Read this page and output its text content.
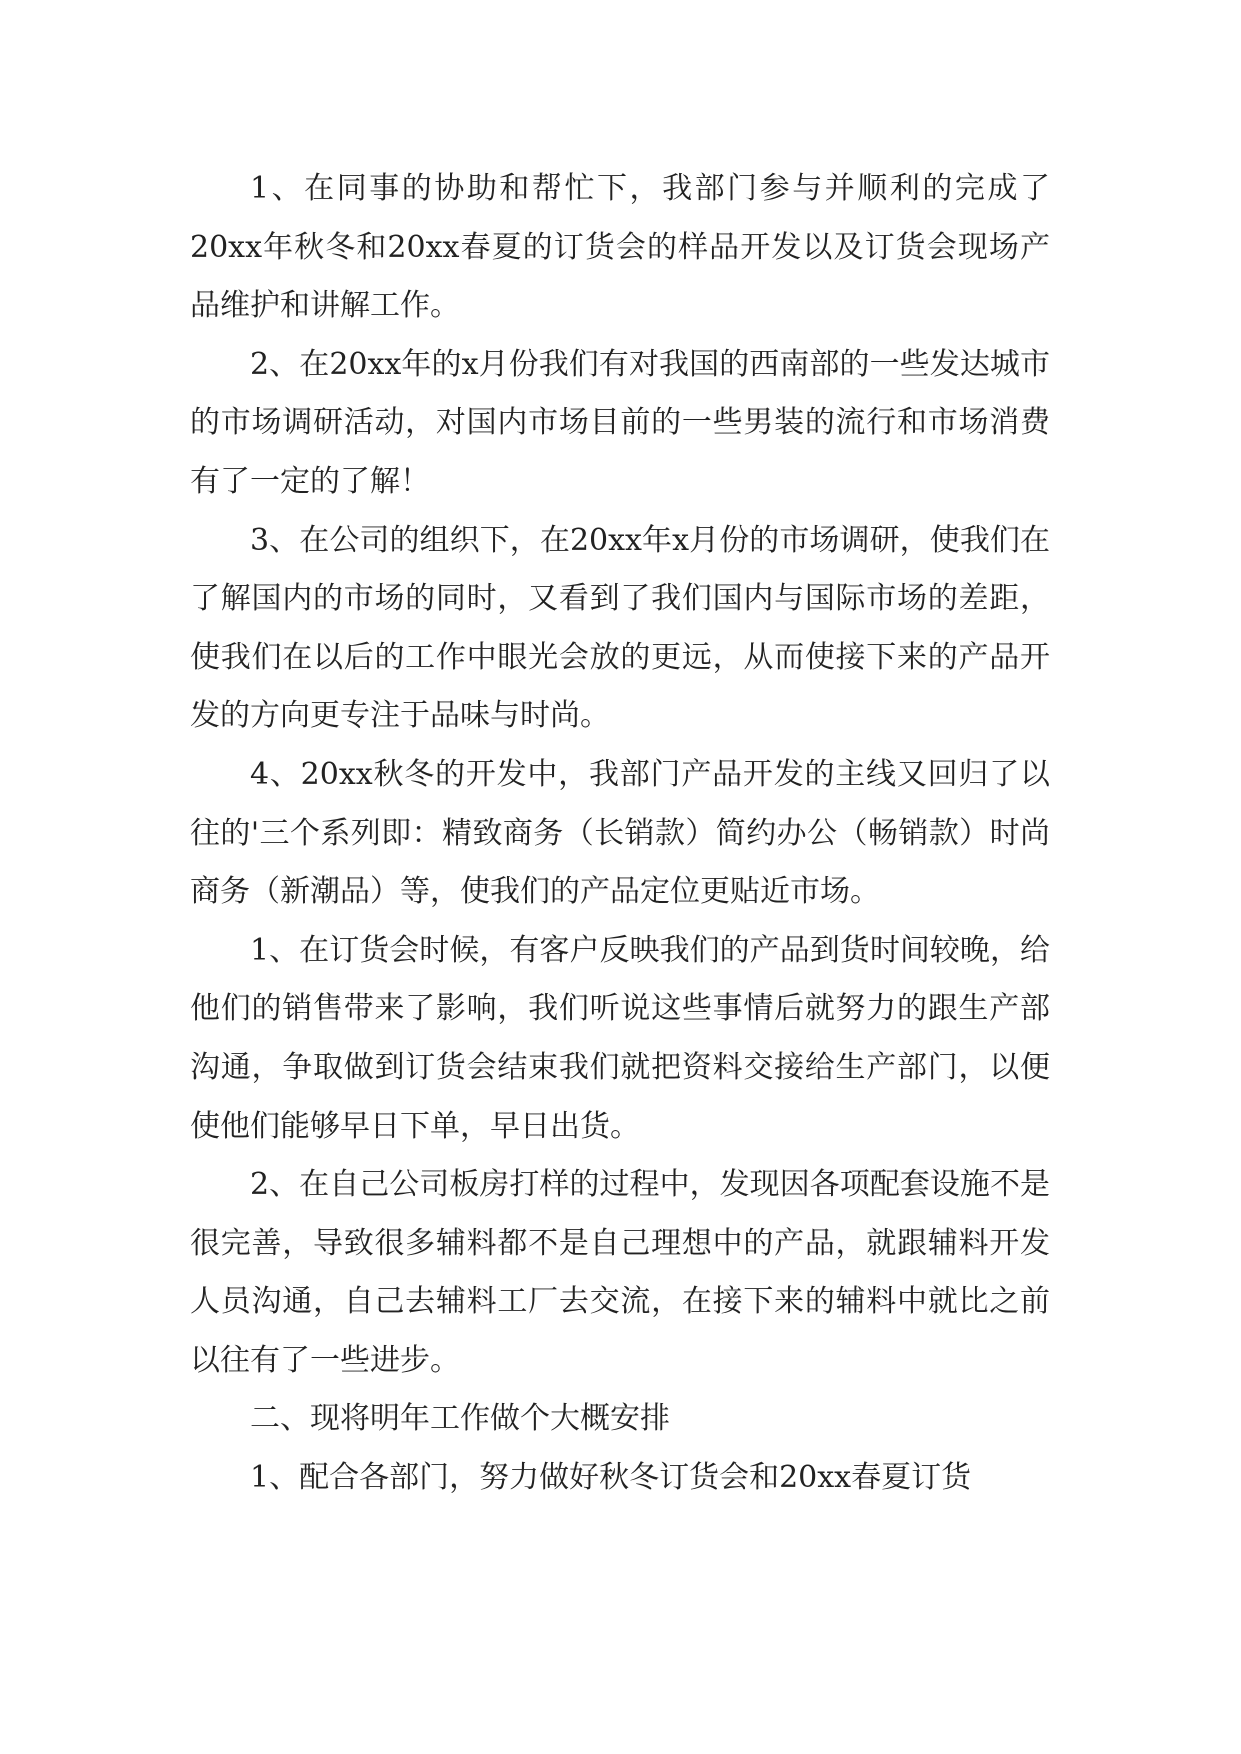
1、在同事的协助和帮忙下，我部门参与并顺利的完成了20xx年秋冬和20xx春夏的订货会的样品开发以及订货会现场产品维护和讲解工作。

2、在20xx年的x月份我们有对我国的西南部的一些发达城市的市场调研活动，对国内市场目前的一些男装的流行和市场消费有了一定的了解！

3、在公司的组织下，在20xx年x月份的市场调研，使我们在了解国内的市场的同时，又看到了我们国内与国际市场的差距，使我们在以后的工作中眼光会放的更远，从而使接下来的产品开发的方向更专注于品味与时尚。

4、20xx秋冬的开发中，我部门产品开发的主线又回归了以往的'三个系列即：精致商务（长销款）简约办公（畅销款）时尚商务（新潮品）等，使我们的产品定位更贴近市场。

1、在订货会时候，有客户反映我们的产品到货时间较晚，给他们的销售带来了影响，我们听说这些事情后就努力的跟生产部沟通，争取做到订货会结束我们就把资料交接给生产部门，以便使他们能够早日下单，早日出货。

2、在自己公司板房打样的过程中，发现因各项配套设施不是很完善，导致很多辅料都不是自己理想中的产品，就跟辅料开发人员沟通，自己去辅料工厂去交流，在接下来的辅料中就比之前以往有了一些进步。

二、现将明年工作做个大概安排

1、配合各部门，努力做好秋冬订货会和20xx春夏订货
